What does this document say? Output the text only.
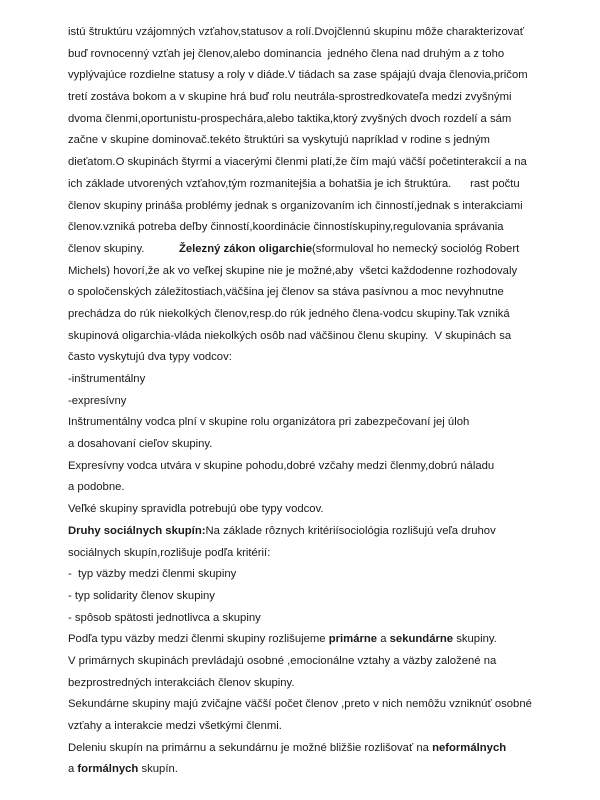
istú štruktúru vzájomných vzťahov,statusov a rolí.Dvojčlennú skupinu môže charakterizovať
buď rovnocenný vzťah jej členov,alebo dominancia  jedného člena nad druhým a z toho
vyplývajúce rozdielne statusy a roly v diáde.V tiádach sa zase spájajú dvaja členovia,pričom
tretí zostáva bokom a v skupine hrá buď rolu neutrála-sprostredkovateľa medzi zvyšnými
dvoma členmi,oportunistu-prospechára,alebo taktika,ktorý zvyšných dvoch rozdelí a sám
začne v skupine dominovač.tekéto štruktúri sa vyskytujú napríklad v rodine s jedným
dieťatom.O skupinách štyrmi a viacerými členmi platí,že čím majú väčší početinterakcií a na
ich základe utvorených vzťahov,tým rozmanitejšia a bohatšia je ich štruktúra.      rast počtu
členov skupiny prináša problémy jednak s organizovaním ich činností,jednak s interakciami
členov.vzniká potreba deľby činností,koordinácie činnostískupiny,regulovania správania
členov skupiny.           Železný zákon oligarchie(sformuloval ho nemecký sociológ Robert
Michels) hovorí,že ak vo veľkej skupine nie je možné,aby  všetci každodenne rozhodovaly
o spoločenských záležitostiach,väčšina jej členov sa stáva pasívnou a moc nevyhnutne
prechádza do rúk niekolkých členov,resp.do rúk jedného člena-vodcu skupiny.Tak vzniká
skupinová oligarchia-vláda niekolkých osôb nad väčšinou členu skupiny.  V skupinách sa
často vyskytujú dva typy vodcov:
-inštrumentálny
-expresívny
Inštrumentálny vodca plní v skupine rolu organizátora pri zabezpečovaní jej úloh
a dosahovaní cieľov skupiny.
Expresívny vodca utvára v skupine pohodu,dobré vzčahy medzi členmy,dobrú náladu
a podobne.
Veľké skupiny spravidla potrebujú obe typy vodcov.
Druhy sociálnych skupín:Na základe rôznych kritériísociológia rozlišujú veľa druhov
sociálnych skupín,rozlišuje podľa kritérií:
-  typ väzby medzi členmi skupiny
- typ solidarity členov skupiny
- spôsob spätosti jednotlivca a skupiny
Podľa typu väzby medzi členmi skupiny rozlišujeme primárne a sekundárne skupiny.
V primárnych skupinách prevládajú osobné ,emocionálne vztahy a väzby založené na
bezprostredných interakciách členov skupiny.
Sekundárne skupiny majú zvičajne väčší počet členov ,preto v nich nemôžu vzniknúť osobné
vzťahy a interakcie medzi všetkými členmi.
Deleniu skupín na primárnu a sekundárnu je možné bližšie rozlišovať na neformálnych
a formálnych skupín.
